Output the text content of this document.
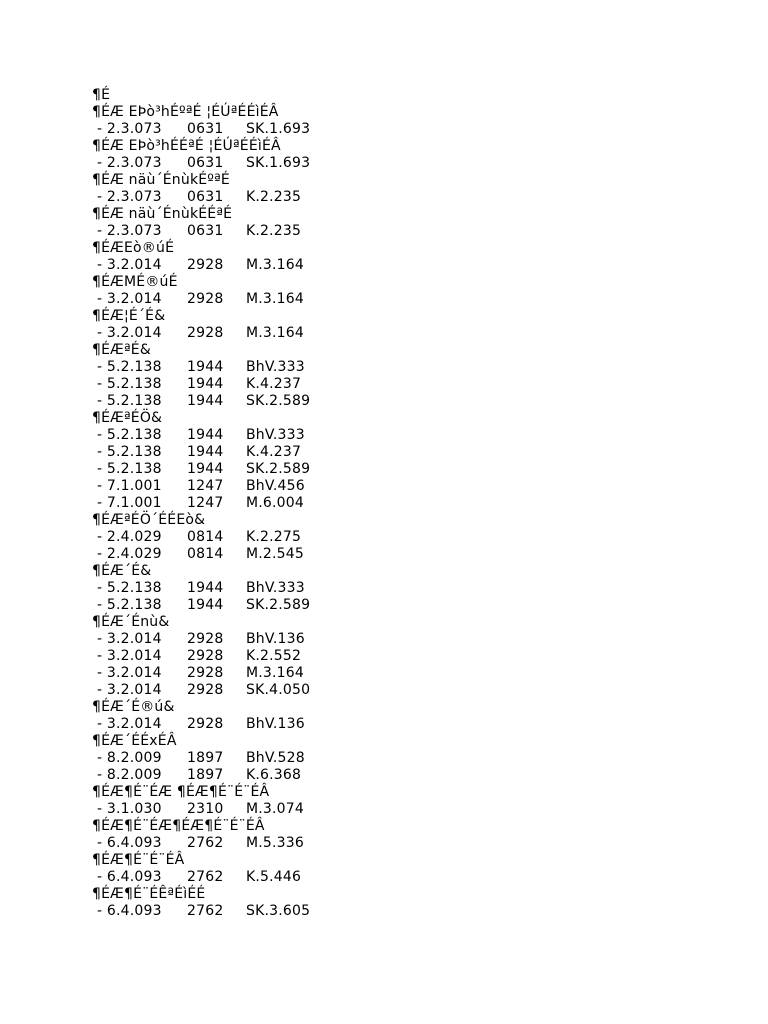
¶É
¶ÉÆ EÞò³hÉºªÉ ¦ÉÚªÉÉìÉÂ
- 2.3.073 0631 SK.1.693
¶ÉÆ EÞò³hÉÉªÉ ¦ÉÚªÉÉìÉÂ
- 2.3.073 0631 SK.1.693
¶ÉÆ näù´ÉnùkÉºªÉ
- 2.3.073 0631 K.2.235
¶ÉÆ näù´ÉnùkÉÉªÉ
- 2.3.073 0631 K.2.235
¶ÉÆEò®úÉ
- 3.2.014 2928 M.3.164
¶ÉÆMÉ®úÉ
- 3.2.014 2928 M.3.164
¶ÉÆ¦É´É&
- 3.2.014 2928 M.3.164
¶ÉÆªÉ&
- 5.2.138 1944 BhV.333
- 5.2.138 1944 K.4.237
- 5.2.138 1944 SK.2.589
¶ÉÆªÉÖ&
- 5.2.138 1944 BhV.333
- 5.2.138 1944 K.4.237
- 5.2.138 1944 SK.2.589
- 7.1.001 1247 BhV.456
- 7.1.001 1247 M.6.004
¶ÉÆªÉÖ´ÉÉEò&
- 2.4.029 0814 K.2.275
- 2.4.029 0814 M.2.545
¶ÉÆ´É&
- 5.2.138 1944 BhV.333
- 5.2.138 1944 SK.2.589
¶ÉÆ´Énù&
- 3.2.014 2928 BhV.136
- 3.2.014 2928 K.2.552
- 3.2.014 2928 M.3.164
- 3.2.014 2928 SK.4.050
¶ÉÆ´É®ú&
- 3.2.014 2928 BhV.136
¶ÉÆ´ÉÉxÉÂ
- 8.2.009 1897 BhV.528
- 8.2.009 1897 K.6.368
¶ÉÆ¶É¨ÉÆ ¶ÉÆ¶É¨É¨ÉÂ
- 3.1.030 2310 M.3.074
¶ÉÆ¶É¨ÉÆ¶ÉÆ¶É¨É¨ÉÂ
- 6.4.093 2762 M.5.336
¶ÉÆ¶É¨É¨ÉÂ
- 6.4.093 2762 K.5.446
¶ÉÆ¶É¨ÉÊªÉìÉÉ
- 6.4.093 2762 SK.3.605
